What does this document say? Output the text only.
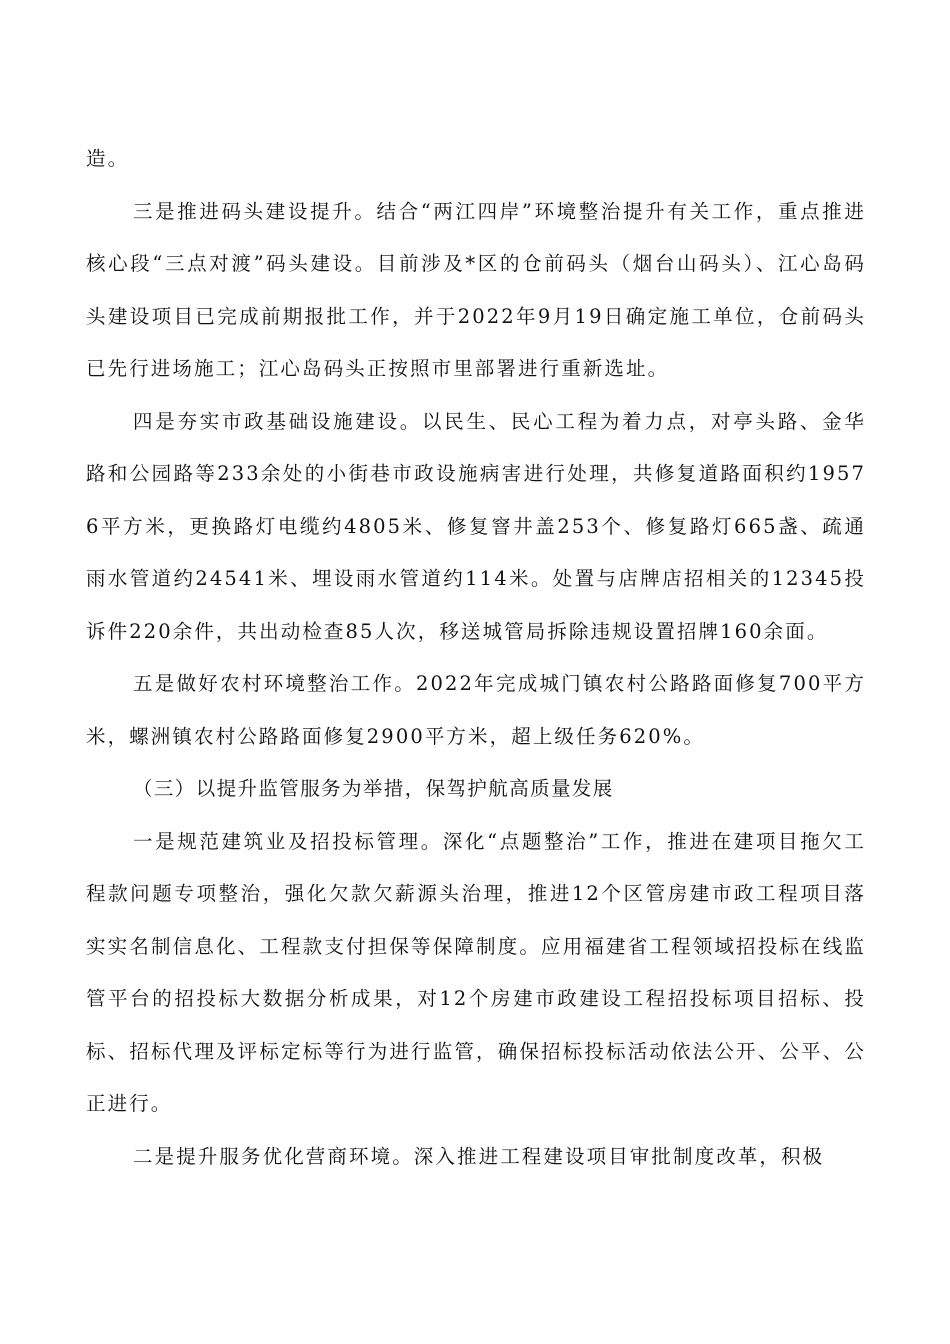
造。

三是推进码头建设提升。结合“两江四岸”环境整治提升有关工作，重点推进核心段“三点对渡”码头建设。目前涉及*区的仓前码头（烟台山码头）、江心岛码头建设项目已完成前期报批工作，并于2022年9月19日确定施工单位，仓前码头已先行进场施工；江心岛码头正按照市里部署进行重新选址。

四是夯实市政基础设施建设。以民生、民心工程为着力点，对亭头路、金华路和公园路等233余处的小街巷市政设施病害进行处理，共修复道路面积约19576平方米，更换路灯电缆约4805米、修复窨井盖253个、修复路灯665盏、疏通雨水管道约24541米、埋设雨水管道约114米。处置与店牌店招相关的12345投诉件220余件，共出动检查85人次，移送城管局拆除违规设置招牌160余面。

五是做好农村环境整治工作。2022年完成城门镇农村公路路面修复700平方米，螺洲镇农村公路路面修复2900平方米，超上级任务620%。

（三）以提升监管服务为举措，保驾护航高质量发展

一是规范建筑业及招投标管理。深化“点题整治”工作，推进在建项目拖欠工程款问题专项整治，强化欠款欠薪源头治理，推进12个区管房建市政工程项目落实实名制信息化、工程款支付担保等保障制度。应用福建省工程领域招投标在线监管平台的招投标大数据分析成果，对12个房建市政建设工程招投标项目招标、投标、招标代理及评标定标等行为进行监管，确保招标投标活动依法公开、公平、公正进行。

二是提升服务优化营商环境。深入推进工程建设项目审批制度改革，积极
